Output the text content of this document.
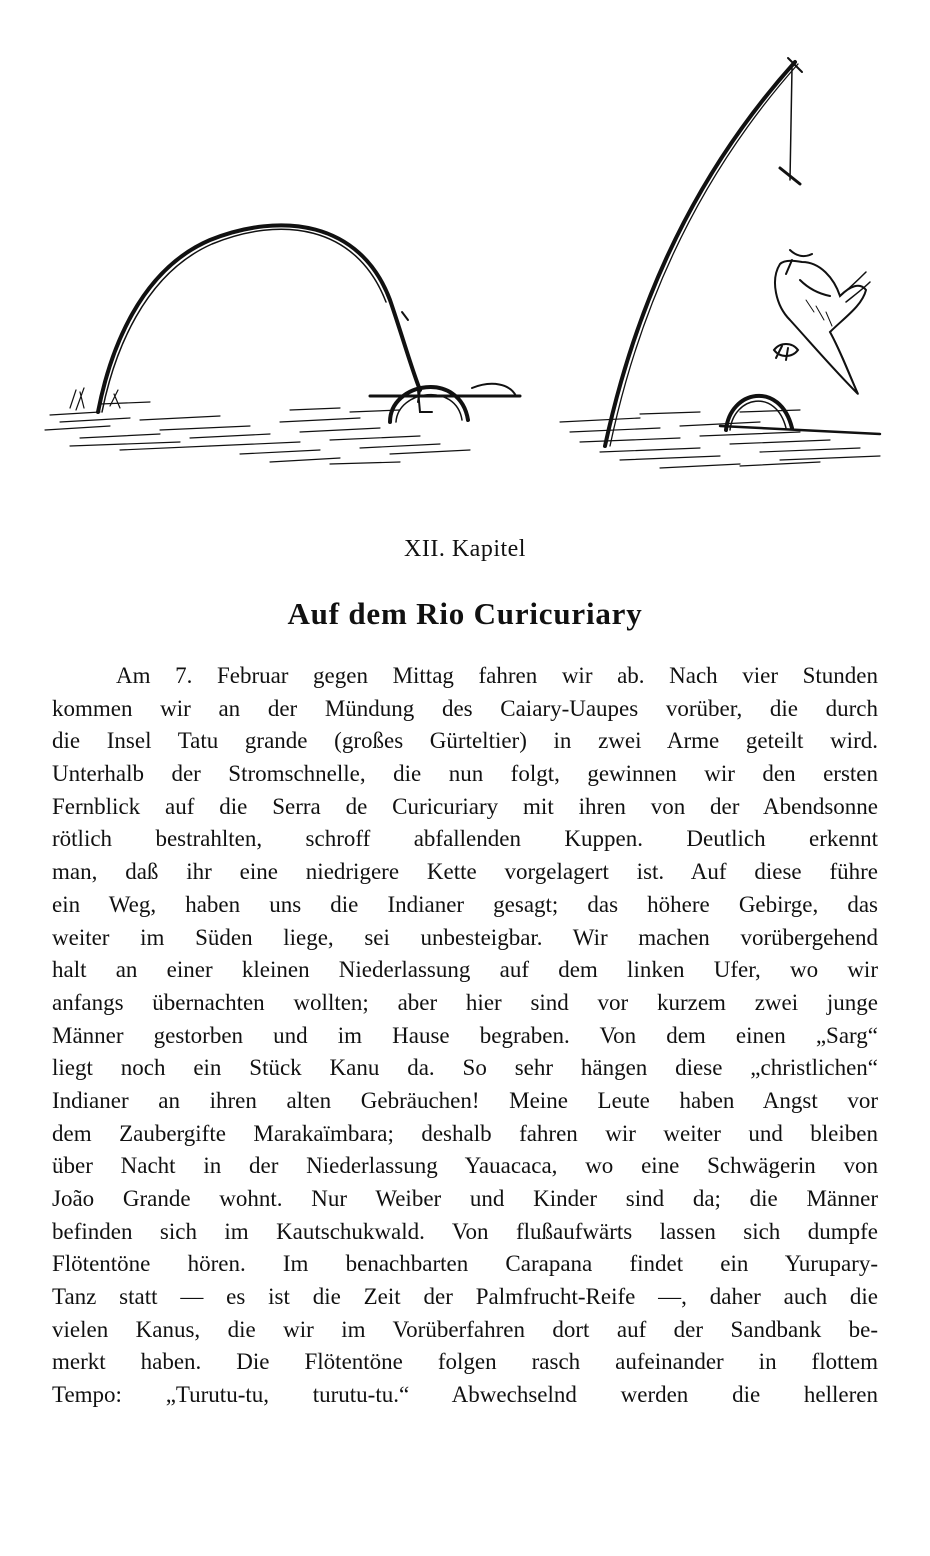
XII. Kapitel
Auf dem Rio Curicuriary
Am 7. Februar gegen Mittag fahren wir ab. Nach vier Stunden
kommen wir an der Mündung des Caiary-Uaupes vorüber, die durch
die Insel Tatu grande (großes Gürteltier) in zwei Arme geteilt wird.
Unterhalb der Stromschnelle, die nun folgt, gewinnen wir den ersten
Fernblick auf die Serra de Curicuriary mit ihren von der Abendsonne
rötlich bestrahlten, schroff abfallenden Kuppen. Deutlich erkennt
man, daß ihr eine niedrigere Kette vorgelagert ist. Auf diese führe
ein Weg, haben uns die Indianer gesagt; das höhere Gebirge, das
weiter im Süden liege, sei unbesteigbar. Wir machen vorübergehend
halt an einer kleinen Niederlassung auf dem linken Ufer, wo wir
anfangs übernachten wollten; aber hier sind vor kurzem zwei junge
Männer gestorben und im Hause begraben. Von dem einen „Sarg“
liegt noch ein Stück Kanu da. So sehr hängen diese „christlichen“
Indianer an ihren alten Gebräuchen! Meine Leute haben Angst vor
dem Zaubergifte Marakaïmbara; deshalb fahren wir weiter und bleiben
über Nacht in der Niederlassung Yauacaca, wo eine Schwägerin von
João Grande wohnt. Nur Weiber und Kinder sind da; die Männer
befinden sich im Kautschukwald. Von flußaufwärts lassen sich dumpfe
Flötentöne hören. Im benachbarten Carapana findet ein Yurupary-
Tanz statt — es ist die Zeit der Palmfrucht-Reife —, daher auch die
vielen Kanus, die wir im Vorüberfahren dort auf der Sandbank be-
merkt haben. Die Flötentöne folgen rasch aufeinander in flottem
Tempo: „Turutu-tu, turutu-tu.“ Abwechselnd werden die helleren
